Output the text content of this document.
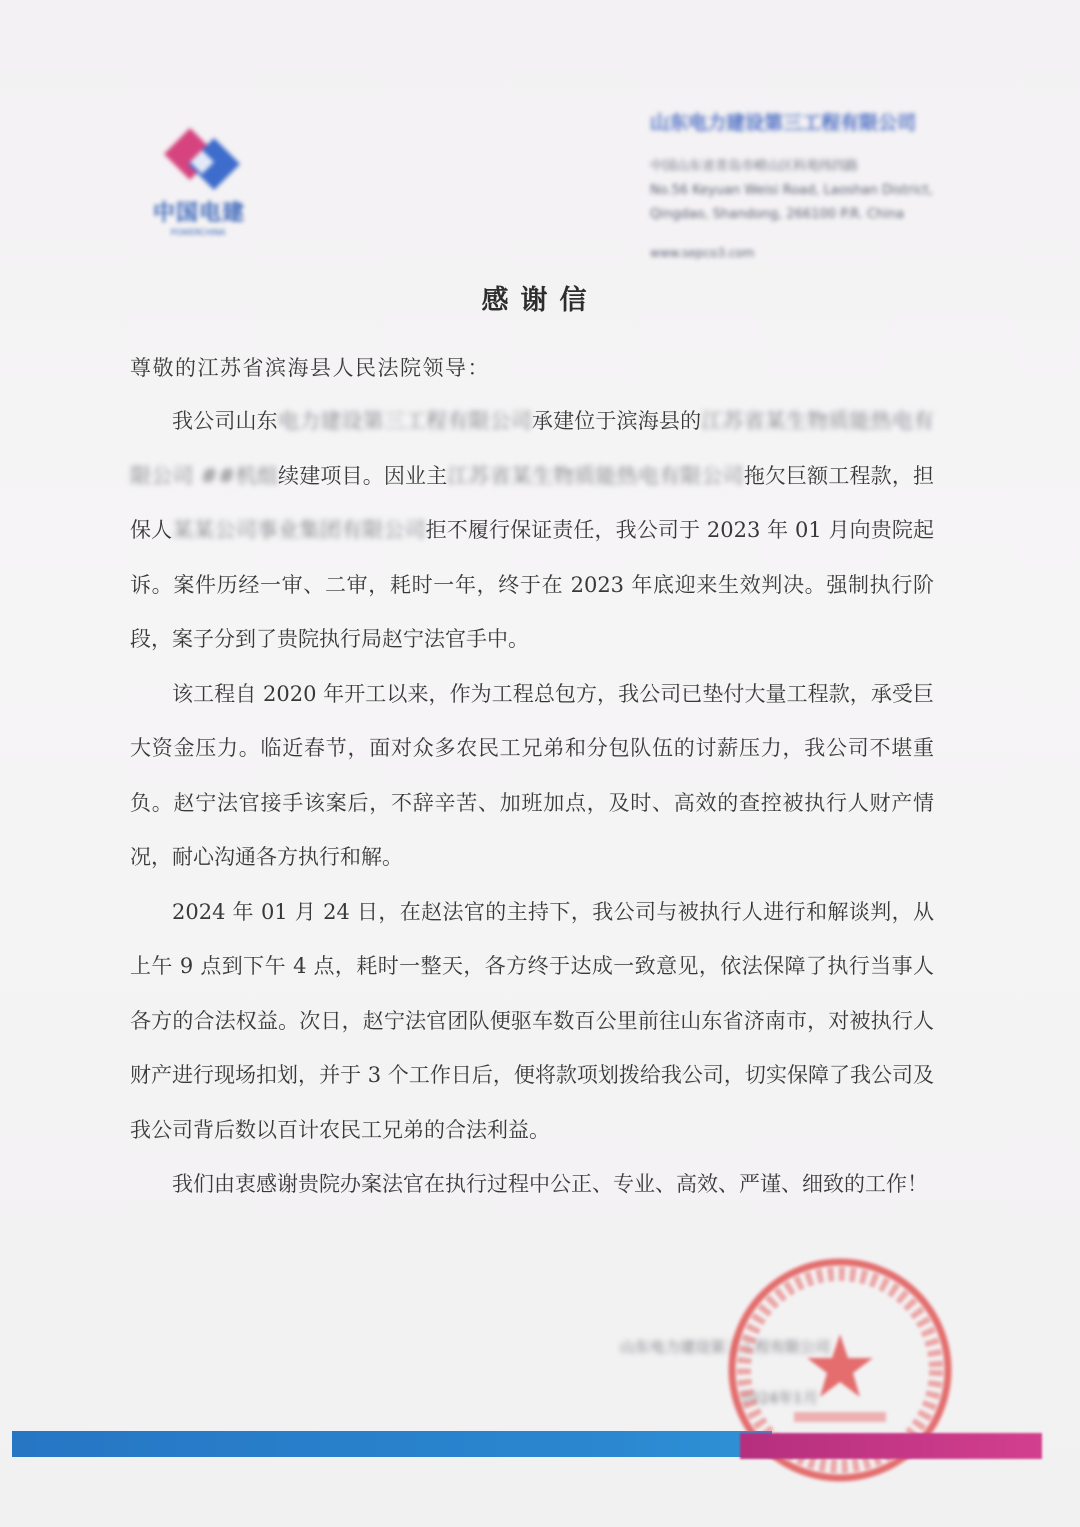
中国电建
POWERCHINA
山东电力建设第三工程有限公司
中国山东省青岛市崂山区科苑纬四路
No.56 Keyuan Weisi Road, Laoshan District,
Qingdao, Shandong, 266100 P.R. China
www.sepco3.com
感谢信
尊敬的江苏省滨海县人民法院领导：

我公司山东电力建设第三工程有限公司承建位于滨海县的江苏省某生物质能热电有限公司 ##机组续建项目。因业主江苏省某生物质能热电有限公司拖欠巨额工程款，担保人某某公司事业集团有限公司拒不履行保证责任，我公司于 2023 年 01 月向贵院起诉。案件历经一审、二审，耗时一年，终于在 2023 年底迎来生效判决。强制执行阶段，案子分到了贵院执行局赵宁法官手中。

该工程自 2020 年开工以来，作为工程总包方，我公司已垫付大量工程款，承受巨大资金压力。临近春节，面对众多农民工兄弟和分包队伍的讨薪压力，我公司不堪重负。赵宁法官接手该案后，不辞辛苦、加班加点，及时、高效的查控被执行人财产情况，耐心沟通各方执行和解。

2024 年 01 月 24 日，在赵法官的主持下，我公司与被执行人进行和解谈判，从上午 9 点到下午 4 点，耗时一整天，各方终于达成一致意见，依法保障了执行当事人各方的合法权益。次日，赵宁法官团队便驱车数百公里前往山东省济南市，对被执行人财产进行现场扣划，并于 3 个工作日后，便将款项划拨给我公司，切实保障了我公司及我公司背后数以百计农民工兄弟的合法利益。

我们由衷感谢贵院办案法官在执行过程中公正、专业、高效、严谨、细致的工作！

山东电力建设第三工程有限公司
2024年1月
